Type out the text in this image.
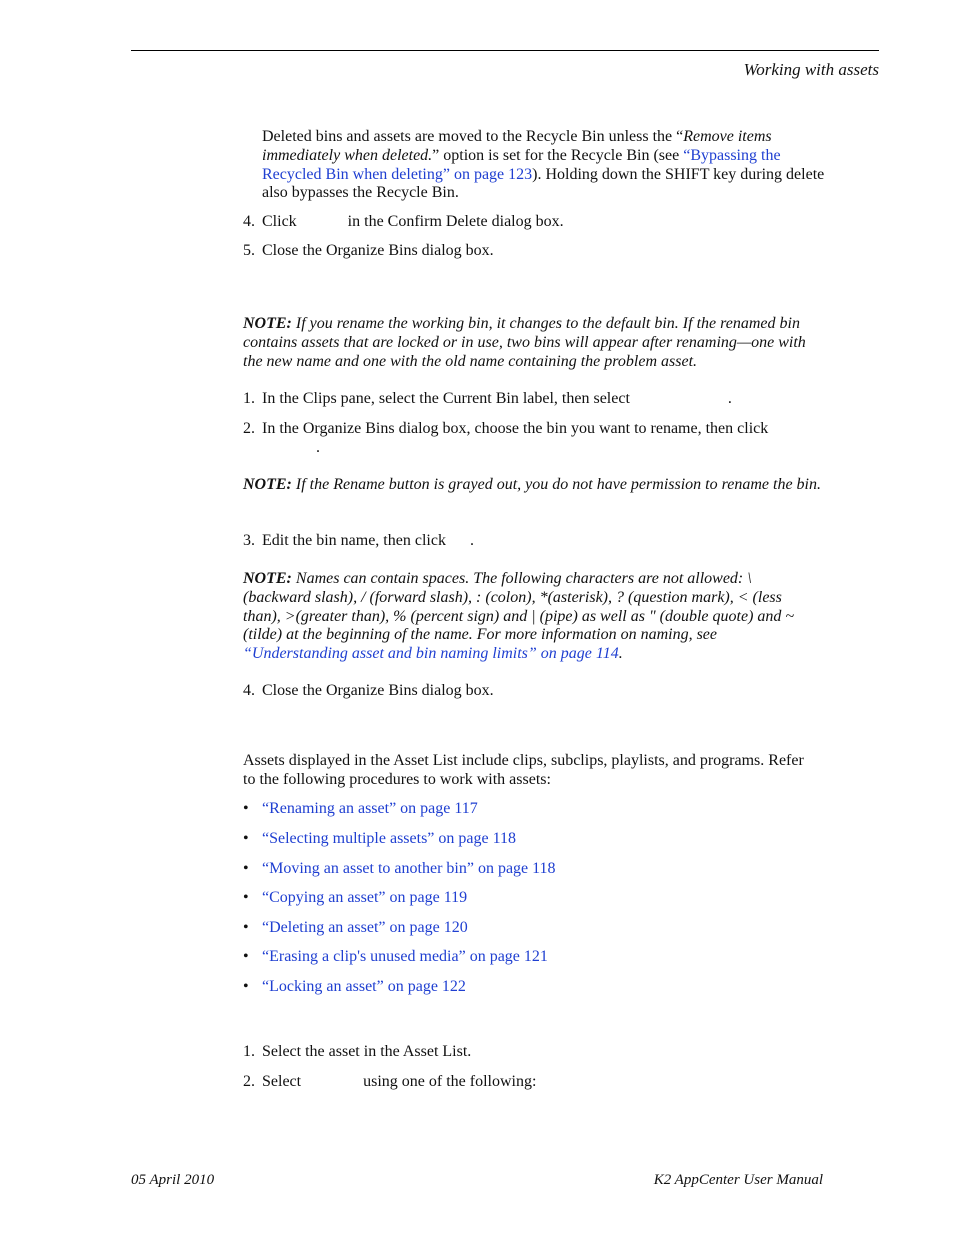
Working with assets
Deleted bins and assets are moved to the Recycle Bin unless the “Remove items immediately when deleted.” option is set for the Recycle Bin (see “Bypassing the Recycled Bin when deleting” on page 123). Holding down the SHIFT key during delete also bypasses the Recycle Bin.
4. Click	in the Confirm Delete dialog box.
5. Close the Organize Bins dialog box.
NOTE: If you rename the working bin, it changes to the default bin. If the renamed bin contains assets that are locked or in use, two bins will appear after renaming—one with the new name and one with the old name containing the problem asset.
1. In the Clips pane, select the Current Bin label, then select	.
2. In the Organize Bins dialog box, choose the bin you want to rename, then click
.
NOTE: If the Rename button is grayed out, you do not have permission to rename the bin.
3. Edit the bin name, then click .
NOTE: Names can contain spaces. The following characters are not allowed: \ (backward slash), / (forward slash), : (colon), *(asterisk), ? (question mark), < (less than), >(greater than), % (percent sign) and | (pipe) as well as " (double quote) and ~(tilde) at the beginning of the name. For more information on naming, see “Understanding asset and bin naming limits” on page 114.
4. Close the Organize Bins dialog box.
Assets displayed in the Asset List include clips, subclips, playlists, and programs. Refer to the following procedures to work with assets:
• “Renaming an asset” on page 117
• “Selecting multiple assets” on page 118
• “Moving an asset to another bin” on page 118
• “Copying an asset” on page 119
• “Deleting an asset” on page 120
• “Erasing a clip's unused media” on page 121
• “Locking an asset” on page 122
1. Select the asset in the Asset List.
2. Select	using one of the following:
05 April 2010	K2 AppCenter User Manual
